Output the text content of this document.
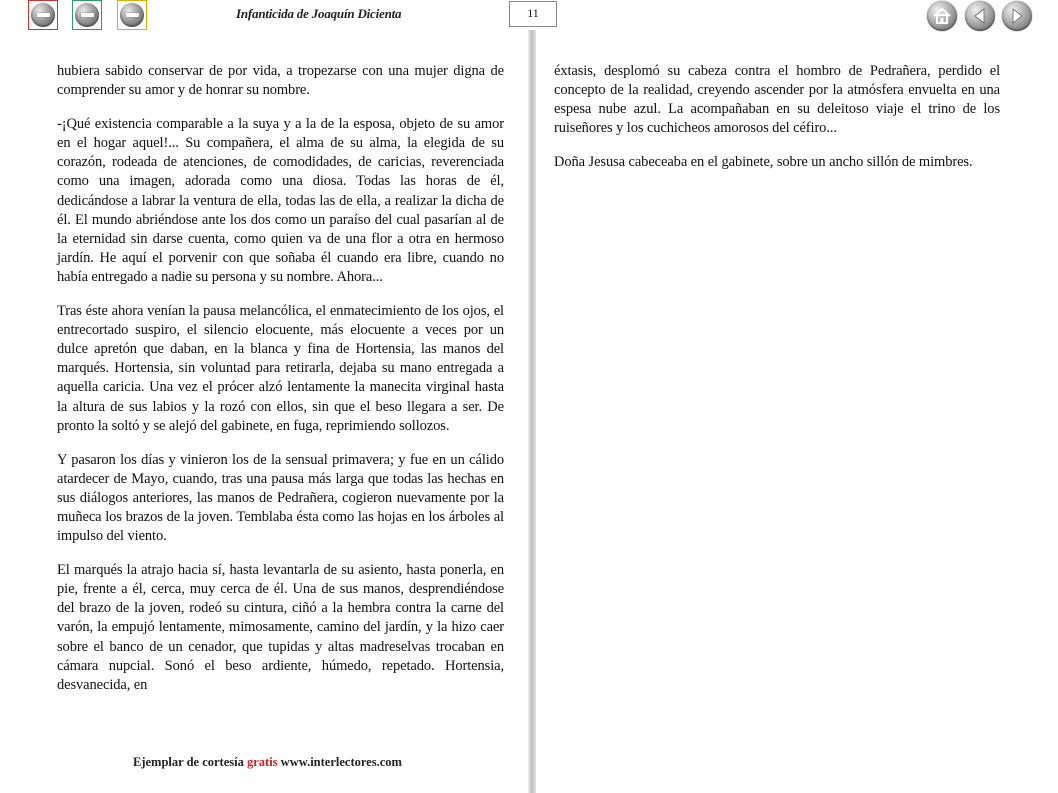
Infanticida de Joaquín Dicienta	11

hubiera sabido conservar de por vida, a tropezarse con una mujer digna de comprender su amor y de honrar su nombre.

-¡Qué existencia comparable a la suya y a la de la esposa, objeto de su amor en el hogar aquel!... Su compañera, el alma de su alma, la elegida de su corazón, rodeada de atenciones, de comodidades, de caricias, reverenciada como una imagen, adorada como una diosa. Todas las horas de él, dedicándose a labrar la ventura de ella, todas las de ella, a realizar la dicha de él. El mundo abriéndose ante los dos como un paraíso del cual pasarían al de la eternidad sin darse cuenta, como quien va de una flor a otra en hermoso jardín. He aquí el porvenir con que soñaba él cuando era libre, cuando no había entregado a nadie su persona y su nombre. Ahora...

Tras éste ahora venían la pausa melancólica, el enmatecimiento de los ojos, el entrecortado suspiro, el silencio elocuente, más elocuente a veces por un dulce apretón que daban, en la blanca y fina de Hortensia, las manos del marqués. Hortensia, sin voluntad para retirarla, dejaba su mano entregada a aquella caricia. Una vez el prócer alzó lentamente la manecita virginal hasta la altura de sus labios y la rozó con ellos, sin que el beso llegara a ser. De pronto la soltó y se alejó del gabinete, en fuga, reprimiendo sollozos.

Y pasaron los días y vinieron los de la sensual primavera; y fue en un cálido atardecer de Mayo, cuando, tras una pausa más larga que todas las hechas en sus diálogos anteriores, las manos de Pedrañera, cogieron nuevamente por la muñeca los brazos de la joven. Temblaba ésta como las hojas en los árboles al impulso del viento.

El marqués la atrajo hacia sí, hasta levantarla de su asiento, hasta ponerla, en pie, frente a él, cerca, muy cerca de él. Una de sus manos, desprendiéndose del brazo de la joven, rodeó su cintura, ciñó a la hembra contra la carne del varón, la empujó lentamente, mimosamente, camino del jardín, y la hizo caer sobre el banco de un cenador, que tupidas y altas madreselvas trocaban en cámara nupcial. Sonó el beso ardiente, húmedo, repetado. Hortensia, desvanecida, en

éxtasis, desplomó su cabeza contra el hombro de Pedrañera, perdido el concepto de la realidad, creyendo ascender por la atmósfera envuelta en una espesa nube azul. La acompañaban en su deleitoso viaje el trino de los ruiseñores y los cuchicheos amorosos del céfiro...

Doña Jesusa cabeceaba en el gabinete, sobre un ancho sillón de mimbres.

Ejemplar de cortesía gratis www.interlectores.com
